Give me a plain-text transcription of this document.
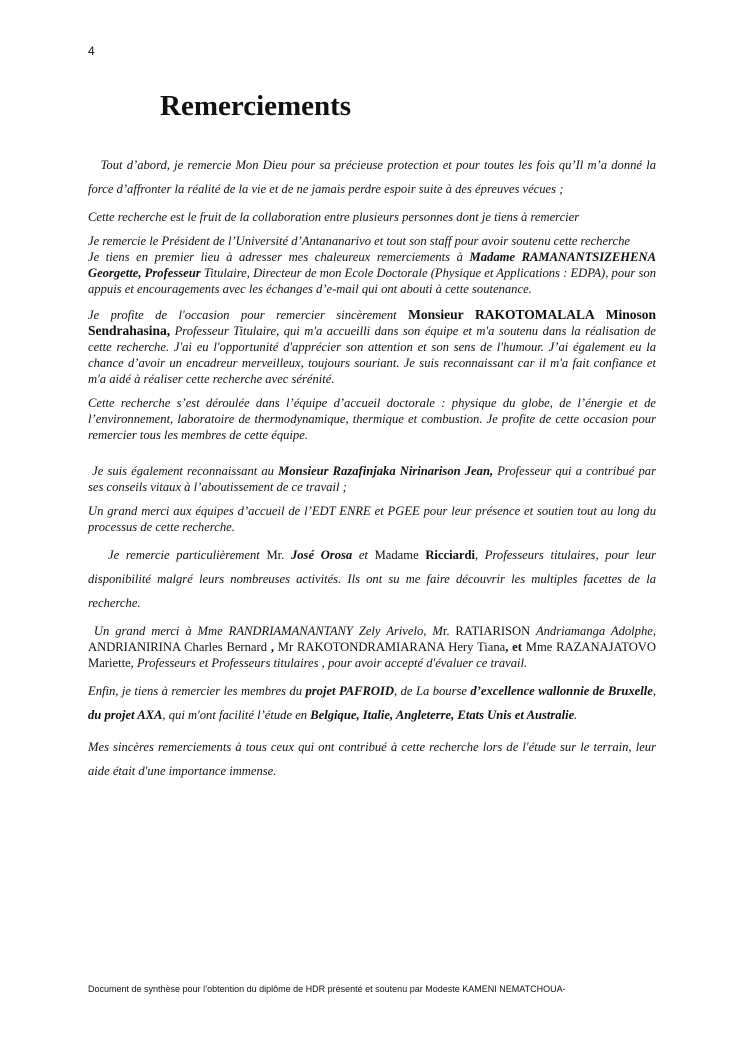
4
Remerciements

Tout d’abord, je remercie Mon Dieu pour sa précieuse protection et pour toutes les fois qu’Il m’a donné la force d’affronter la réalité de la vie et de ne jamais perdre espoir suite à des épreuves vécues ;

Cette recherche est le fruit de la collaboration entre plusieurs personnes dont je tiens à remercier

Je remercie le Président de l’Université d’Antananarivo et tout son staff pour avoir soutenu cette recherche
Je tiens en premier lieu à adresser mes chaleureux remerciements à Madame RAMANANTSIZEHENA Georgette, Professeur Titulaire, Directeur de mon Ecole Doctorale (Physique et Applications : EDPA), pour son appuis et encouragements avec les échanges d’e-mail qui ont abouti à cette soutenance.

Je profite de l'occasion pour remercier sincèrement Monsieur RAKOTOMALALA Minoson Sendrahasina, Professeur Titulaire, qui m'a accueilli dans son équipe et m'a soutenu dans la réalisation de cette recherche. J'ai eu l'opportunité d'apprécier son attention et son sens de l'humour. J’ai également eu la chance d’avoir un encadreur merveilleux, toujours souriant. Je suis reconnaissant car il m'a fait confiance et m'a aidé à réaliser cette recherche avec sérénité.

Cette recherche s’est déroulée dans l’équipe d’accueil doctorale : physique du globe, de l’énergie et de l’environnement, laboratoire de thermodynamique, thermique et combustion. Je profite de cette occasion pour remercier tous les membres de cette équipe.

Je suis également reconnaissant au Monsieur Razafinjaka Nirinarison Jean, Professeur qui a contribué par ses conseils vitaux à l’aboutissement de ce travail ;

Un grand merci aux équipes d’accueil de l’EDT ENRE et PGEE pour leur présence et soutien tout au long du processus de cette recherche.

Je remercie particulièrement Mr. José Orosa et Madame Ricciardi, Professeurs titulaires, pour leur disponibilité malgré leurs nombreuses activités. Ils ont su me faire découvrir les multiples facettes de la recherche.

Un grand merci à Mme RANDRIAMANANTANY Zely Arivelo, Mr. RATIARISON Andriamanga Adolphe, ANDRIANIRINA Charles Bernard , Mr RAKOTONDRAMIARANA Hery Tiana, et Mme RAZANAJATOVO Mariette, Professeurs et Professeurs titulaires , pour avoir accepté d'évaluer ce travail.

Enfin, je tiens à remercier les membres du projet PAFROID, de La bourse d’excellence wallonnie de Bruxelle, du projet AXA, qui m'ont facilité l’étude en Belgique, Italie, Angleterre, Etats Unis et Australie.

Mes sincères remerciements à tous ceux qui ont contribué à cette recherche lors de l'étude sur le terrain, leur aide était d'une importance immense.

Document de synthèse pour l’obtention du diplôme de HDR présenté et soutenu par Modeste KAMENI NEMATCHOUA-
